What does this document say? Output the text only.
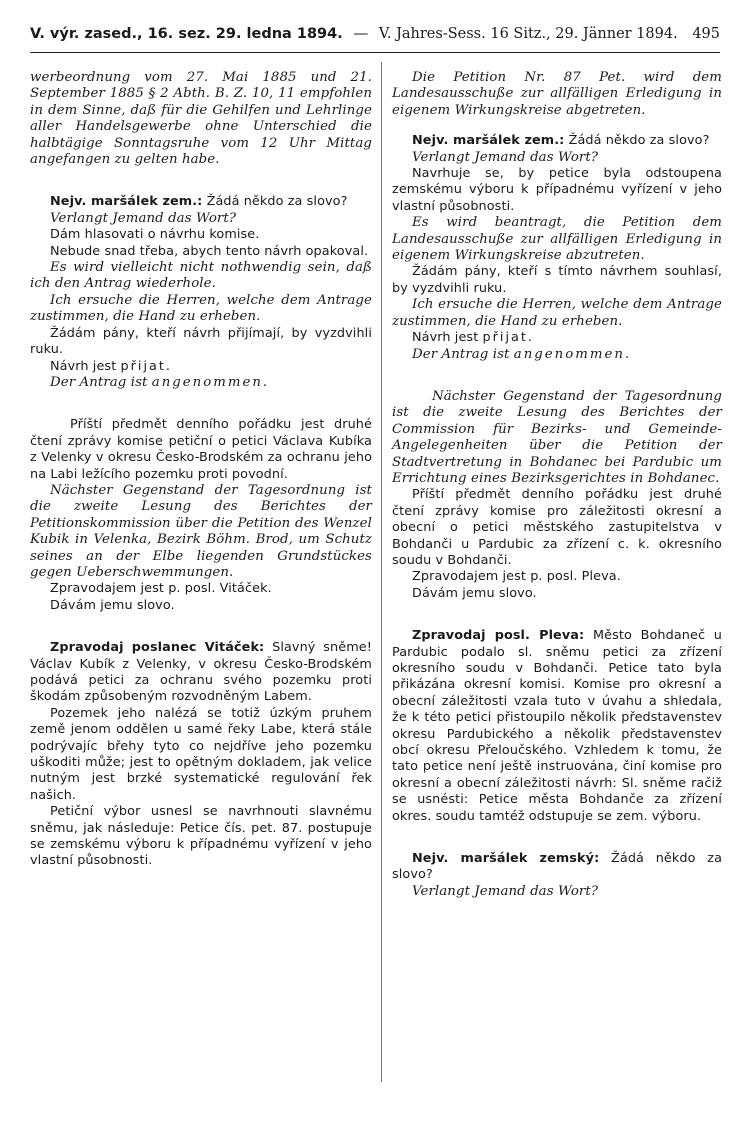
V. výr. zased., 16. sez. 29. ledna 1894. — V. Jahres-Sess. 16 Sitz., 29. Jänner 1894. 495

werbeordnung vom 27. Mai 1885 und 21. September 1885 § 2 Abth. B. Z. 10, 11 empfohlen in dem Sinne, daß für die Gehilfen und Lehrlinge aller Handelsgewerbe ohne Unterschied die halbtägige Sonntagsruhe vom 12 Uhr Mittag angefangen zu gelten habe.

Nejv. maršálek zem.: Žádá někdo za slovo?

Verlangt Jemand das Wort?

Dám hlasovati o návrhu komise.

Nebude snad třeba, abych tento návrh opakoval.

Es wird vielleicht nicht nothwendig sein, daß ich den Antrag wiederhole.

Ich ersuche die Herren, welche dem Antrage zustimmen, die Hand zu erheben.

Žádám pány, kteří návrh přijímají, by vyzdvihli ruku.

Návrh jest přijat.

Der Antrag ist angenommen.

Příští předmět denního pořádku jest druhé čtení zprávy komise petiční o petici Václava Kubíka z Velenky v okresu Česko-Brodském za ochranu jeho na Labi ležícího pozemku proti povodní.

Nächster Gegenstand der Tagesordnung ist die zweite Lesung des Berichtes der Petitionskommission über die Petition des Wenzel Kubik in Velenka, Bezirk Böhm. Brod, um Schutz seines an der Elbe liegenden Grundstückes gegen Ueberschwemmungen.

Zpravodajem jest p. posl. Vitáček.

Dávám jemu slovo.

Zpravodaj poslanec Vitáček: Slavný sněme! Václav Kubík z Velenky, v okresu Česko-Brodském podává petici za ochranu svého pozemku proti škodám způsobeným rozvodněným Labem.

Pozemek jeho nalézá se totiž úzkým pruhem země jenom oddělen u samé řeky Labe, která stále podrývajíc břehy tyto co nejdříve jeho pozemku uškoditi může; jest to opětným dokladem, jak velice nutným jest brzké systematické regulování řek našich.

Petiční výbor usnesl se navrhnouti slavnému sněmu, jak následuje: Petice čís. pet. 87. postupuje se zemskému výboru k případnému vyřízení v jeho vlastní působnosti.

Die Petition Nr. 87 Pet. wird dem Landesausschuße zur allfälligen Erledigung in eigenem Wirkungskreise abgetreten.

Nejv. maršálek zem.: Žádá někdo za slovo?

Verlangt Jemand das Wort?

Navrhuje se, by petice byla odstoupena zemskému výboru k případnému vyřízení v jeho vlastní působnosti.

Es wird beantragt, die Petition dem Landesausschuße zur allfälligen Erledigung in eigenem Wirkungskreise abzutreten.

Žádám pány, kteří s tímto návrhem souhlasí, by vyzdvihli ruku.

Ich ersuche die Herren, welche dem Antrage zustimmen, die Hand zu erheben.

Návrh jest přijat.

Der Antrag ist angenommen.

Nächster Gegenstand der Tagesordnung ist die zweite Lesung des Berichtes der Commission für Bezirks- und Gemeinde-Angelegenheiten über die Petition der Stadtvertretung in Bohdanec bei Pardubic um Errichtung eines Bezirksgerichtes in Bohdanec.

Příští předmět denního pořádku jest druhé čtení zprávy komise pro záležitosti okresní a obecní o petici městského zastupitelstva v Bohdanči u Pardubic za zřízení c. k. okresního soudu v Bohdanči.

Zpravodajem jest p. posl. Pleva.

Dávám jemu slovo.

Zpravodaj posl. Pleva: Město Bohdaneč u Pardubic podalo sl. sněmu petici za zřízení okresního soudu v Bohdanči. Petice tato byla přikázána okresní komisi. Komise pro okresní a obecní záležitosti vzala tuto v úvahu a shledala, že k této petici přistoupilo několik představenstev okresu Pardubického a několik představenstev obcí okresu Přeloučského. Vzhledem k tomu, že tato petice není ještě instruována, činí komise pro okresní a obecní záležitosti návrh: Sl. sněme račiž se usnésti: Petice města Bohdanče za zřízení okres. soudu tamtéž odstupuje se zem. výboru.

Nejv. maršálek zemský: Žádá někdo za slovo?

Verlangt Jemand das Wort?
